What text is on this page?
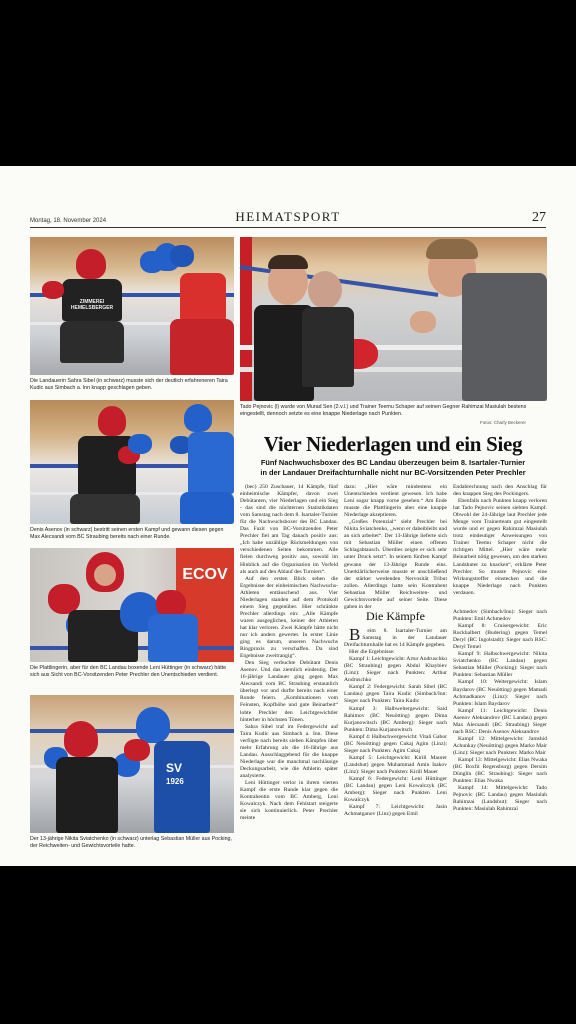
Montag, 18. November 2024	HEIMATSPORT	27
ZIMMEREI HEMELSBERGER
Die Landauerin Sahra Sibel (in schwarz) musste sich der deutlich erfahreneren Taira Kudic aus Simbach a. Inn knapp geschlagen geben.
Denis Asenov (in schwarz) bestritt seinen ersten Kampf und gewann diesen gegen Max Alecsandi vom BC Straubing bereits nach einer Runde.
ECOV
Die Plattlingerin, aber für den BC Landau boxende Leni Hüttinger (in schwarz) hätte sich aus Sicht von BC-Vorsitzenden Peter Prechler den Unentschieden verdient.
SV
1926
Der 13-jährige Nikita Sviatchenko (in schwarz) unterlag Sebastian Müller aus Pocking, der Reichweiten- und Gewichtsvorteile hatte.
Tado Pejnovic (l) wurde von Murad Sen (2.v.l.) und Trainer Teemu Schaper auf seinen Gegner Rahimzai Masiulah bestens eingestellt, dennoch setzte es eine knappe Niederlage nach Punkten.
Fotos: Charly Beckerer
Vier Niederlagen und ein Sieg
Fünf Nachwuchsboxer des BC Landau überzeugen beim 8. Isartaler-Turnier
in der Landauer Dreifachturnhalle nicht nur BC-Vorsitzenden Peter Prechler

(bec) 250 Zuschauer, 14 Kämpfe, fünf einheimische Kämpfer, davon zwei Debütanten, vier Niederlagen und ein Sieg - das sind die nüchternen Statistikdaten vom Samstag nach dem 8. Isartaler-Turnier für die Nachwuchsboxer des BC Landau. Das Fazit von BC-Vorsitzenden Peter Prechler fiel am Tag danach positiv aus: „Ich habe unzählige Rückmeldungen von verschiedenen Seiten bekommen. Alle fielen durchweg positiv aus, sowohl im Hinblick auf die Organisation im Vorfeld als auch auf den Ablauf des Turniers“.

Auf den ersten Blick sehen die Ergebnisse der einheimischen Nachwuchs-Athleten enttäuschend aus. Vier Niederlagen standen auf dem Protokoll einem Sieg gegenüber. Hier schränkte Prechler allerdings ein: „Alle Kämpfe waren ausgeglichen, keiner der Athleten hat klar verloren. Zwei Kämpfe hätte nicht nur ich anders gewertet. In erster Linie ging es darum, unseren Nachwuchs Ringpraxis zu verschaffen. Da sind Ergebnisse zweitrangig“.

Den Sieg verbuchte Debütant Denis Asenov. Und das ziemlich eindeutig. Der 16-jährige Landauer ging gegen Max Alecsandi vom BC Straubing erstaunlich überlegt vor und durfte bereits nach einer Runde feiern. „Kombinationen vom Feinsten, Kopfhöhe und gute Beinarbeit“ lobte Prechler den Leichtgewichtler hinterher in höchsten Tönen.

Sahra Sibel traf im Federgewicht auf Taira Kudic aus Simbach a. Inn. Diese verfügte nach bereits sieben Kämpfen über mehr Erfahrung als die 16-Jährige aus Landau. Ausschlaggebend für die knappe Niederlage war die manchmal nachlässige Deckungsarbeit, wie die Athletin später analysierte.

Leni Hüttinger verlor in ihrem vierten Kampf die erste Runde klar gegen die Kontrahentin vom BC Amberg, Leni Kowalczyk. Nach dem Fehlstart steigerte sie sich kontinuierlich. Peter Prechler meinte

dazu: „Hier wäre mindestens ein Unentschieden verdient gewesen. Ich habe Leni sogar knapp vorne gesehen.“ Am Ende musste die Plattlingerin aber eine knappe Niederlage akzeptieren.

„Großes Potenzial“ sieht Prechler bei Nikita Sviatchenko, „wenn er dabeibleibt und an sich arbeitet“. Der 13-Jährige lieferte sich mit Sebastian Müller einen offenen Schlagabtausch. Überdies zeigte er sich sehr unter Druck setzt“. In seinem fünften Kampf gewann der 13-Jährige Runde eins. Unerklärlicherweise musste er anschließend der stärker werdenden Nervosität Tribut zollen. Allerdings hatte sein Kontrahent Sebastian Müller Reichweiten- und Gewichtsvorteile auf seiner Seite. Diese gaben in der

Endabrechnung nach den Anschlag für den knappen Sieg des Pockingers.

Ebenfalls nach Punkten knapp verloren hat Tado Pejnovic seinen siebten Kampf. Obwohl der 24-Jährige laut Prechler jede Menge vom Trainerteam gut eingestellt wurde und er gegen Rahimzai Masiulah trotz eindeutiger Anweisungen von Trainer Teemu Schaper nicht die richtigen Mittel. „Hier wäre mehr Beinarbeit nötig gewesen, um den starken Landshuter zu knacken“, erklärte Peter Prechler. So musste Pejnovic eine Wirkungstreffer einstecken und die knappe Niederlage nach Punkten verdauen.

Die Kämpfe

B eim 8. Isartaler-Turnier am Samstag in der Landauer Dreifachturnhalle hat es 14 Kämpfe gegeben.

Hier die Ergebnisse:

Kampf 1: Leichtgewicht: Artur Andruschko (BC Straubing) gegen Abdul Khaybiev (Linz): Sieger nach Punkten: Arthur Andruschko

Kampf 2: Federgewicht: Sarah Sibel (BC Landau) gegen Taira Kudic (Simbach/Inn: Sieger nach Punkten: Taira Kudic

Kampf 3: Halbweltergewicht: Said Rahimov (BC Neuötting) gegen Dima Kurjanowitsch (BC Amberg): Sieger nach Punkten: Dima Kurjanowitsch

Kampf 4: Halbschwergewicht: Vitali Gabor (BC Neuötting) gegen Cukaj Agim (Linz): Sieger nach Punkten: Agim Cukaj

Kampf 5: Leichtgewicht: Kirill Maurer (Landshut) gegen Muhammad Amin Isakov (Linz): Sieger nach Punkten: Kirill Mauer

Kampf 6: Federgewicht: Leni Hüttinger (BC Landau) gegen Leni Kowalczyk (BC Amberg): Sieger nach Punkten Leni Kowalczyk

Kampf 7: Leichtgewicht: Jasin Achmatganov (Linz) gegen Emil

Achmedov (Simbach/Inn): Sieger nach Punkten: Emil Achmedov

Kampf 8: Cruisergewicht: Eric Ruckhalbert (Budering) gegen Temel Deryl (BC Ingolstadt): Sieger nach RSC: Deryl Temel

Kampf 9: Halbschwergewicht: Nikita Sviatchenko (BC Landau) gegen Sebastian Müller (Pocking): Sieger nach Punkten: Sebastian Müller

Kampf 10: Weltergewicht: Islam Baydarov (BC Neuötting) gegen Mamadi Achmadkanov (Linz): Sieger nach Punkten: Islam Baydarov

Kampf 11: Leichtgewicht: Denis Asenov Aleksandrov (BC Landau) gegen Max Alecsandi (BC Straubing) Sieger nach RSC: Denis Asenov Aleksandrov

Kampf 12: Mittelgewicht: Jamshid Achunkay (Neuötting) gegen Marko Mair (Linz): Sieger nach Punkten: Marko Mair

Kampf 13: Mittelgewicht: Elias Nwaka (BC Boxfit Regensburg) gegen Dersim Dünglin (BC Straubing): Sieger nach Punkten: Elias Nwaka

Kampf 14: Mittelgewicht: Tado Pejnovic (BC Landau) gegen Masiulah Rahimzai (Landshut): Sieger nach Punkten: Masiulah Rahimzai
